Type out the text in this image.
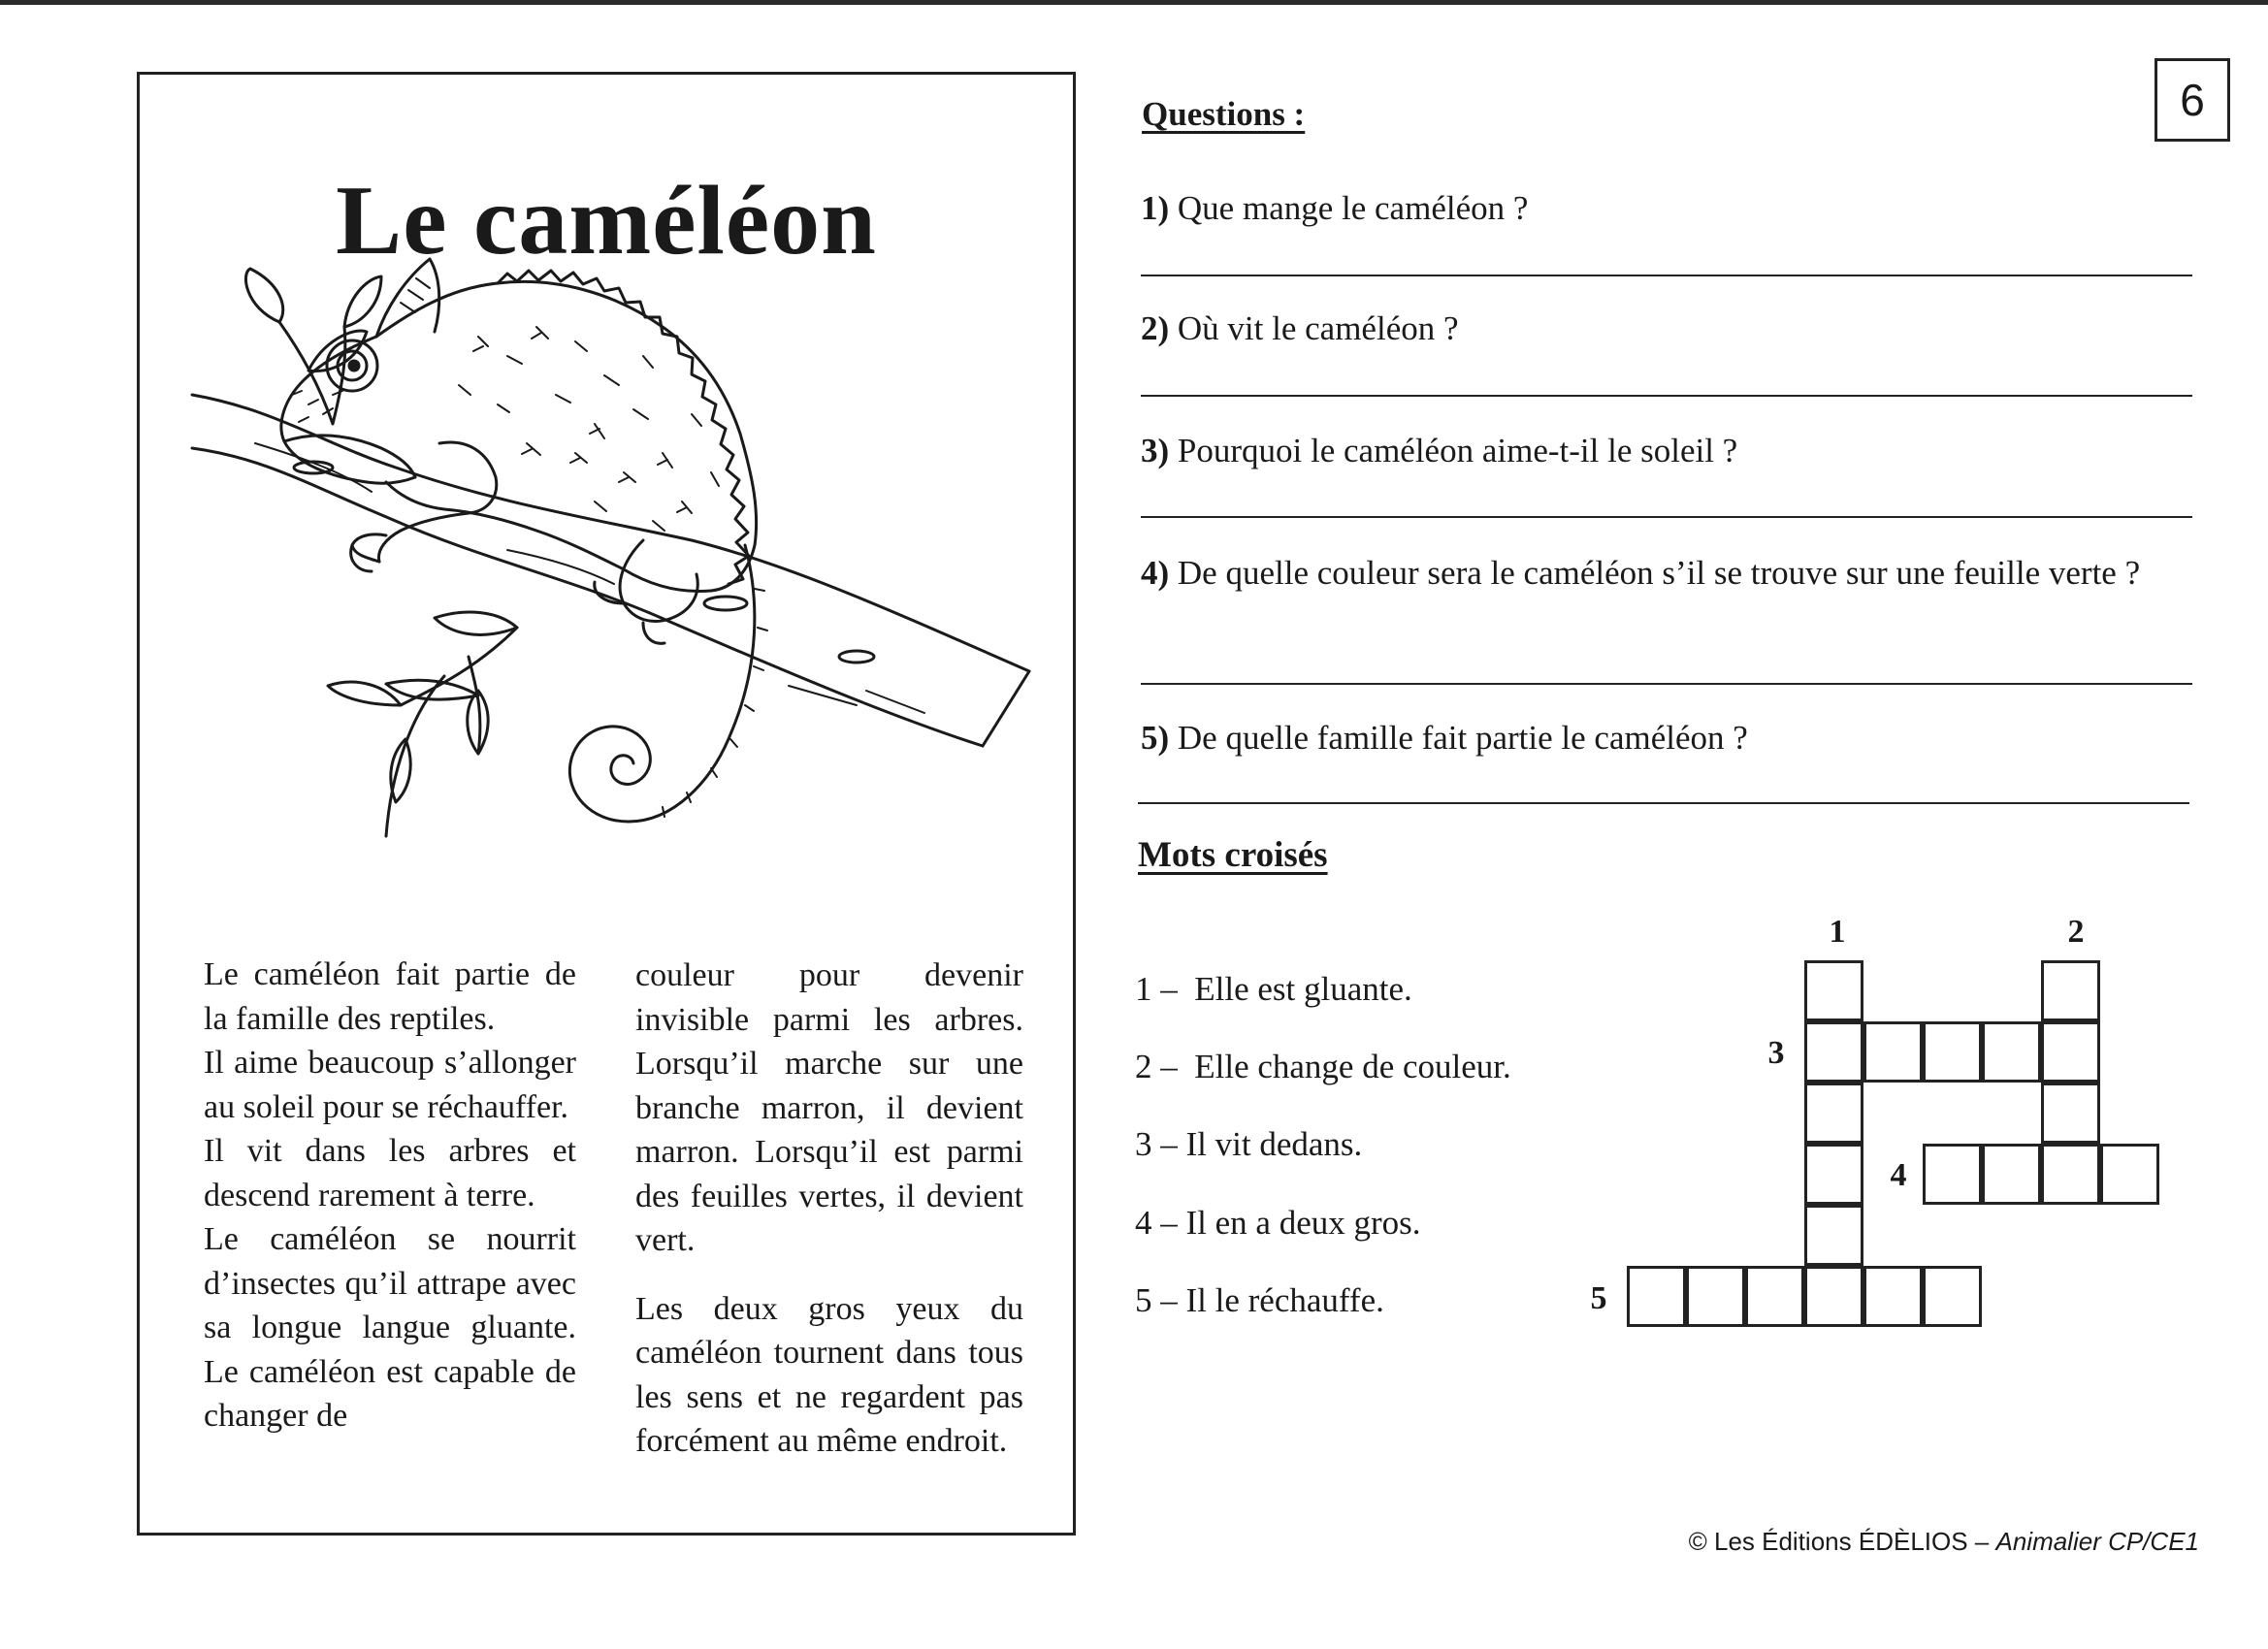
Le caméléon

Le caméléon fait partie de la famille des reptiles.

Il aime beaucoup s’allonger au soleil pour se réchauffer.

Il vit dans les arbres et descend rarement à terre.

Le caméléon se nourrit d’insectes qu’il attrape avec sa longue langue gluante. Le caméléon est capable de changer de

couleur pour devenir invisible parmi les arbres. Lorsqu’il marche sur une branche marron, il devient marron. Lorsqu’il est parmi des feuilles vertes, il devient vert.

Les deux gros yeux du caméléon tournent dans tous les sens et ne regardent pas forcément au même endroit.

6
Questions :
1) Que mange le caméléon ?
2) Où vit le caméléon ?
3) Pourquoi le caméléon aime-t-il le soleil ?
4) De quelle couleur sera le caméléon s’il se trouve sur une feuille verte ?
5) De quelle famille fait partie le caméléon ?
Mots croisés
1 –  Elle est gluante.
2 –  Elle change de couleur.
3 – Il vit dedans.
4 – Il en a deux gros.
5 – Il le réchauffe.
1	2
3
4
5
© Les Éditions ÉDÈLIOS – Animalier CP/CE1
